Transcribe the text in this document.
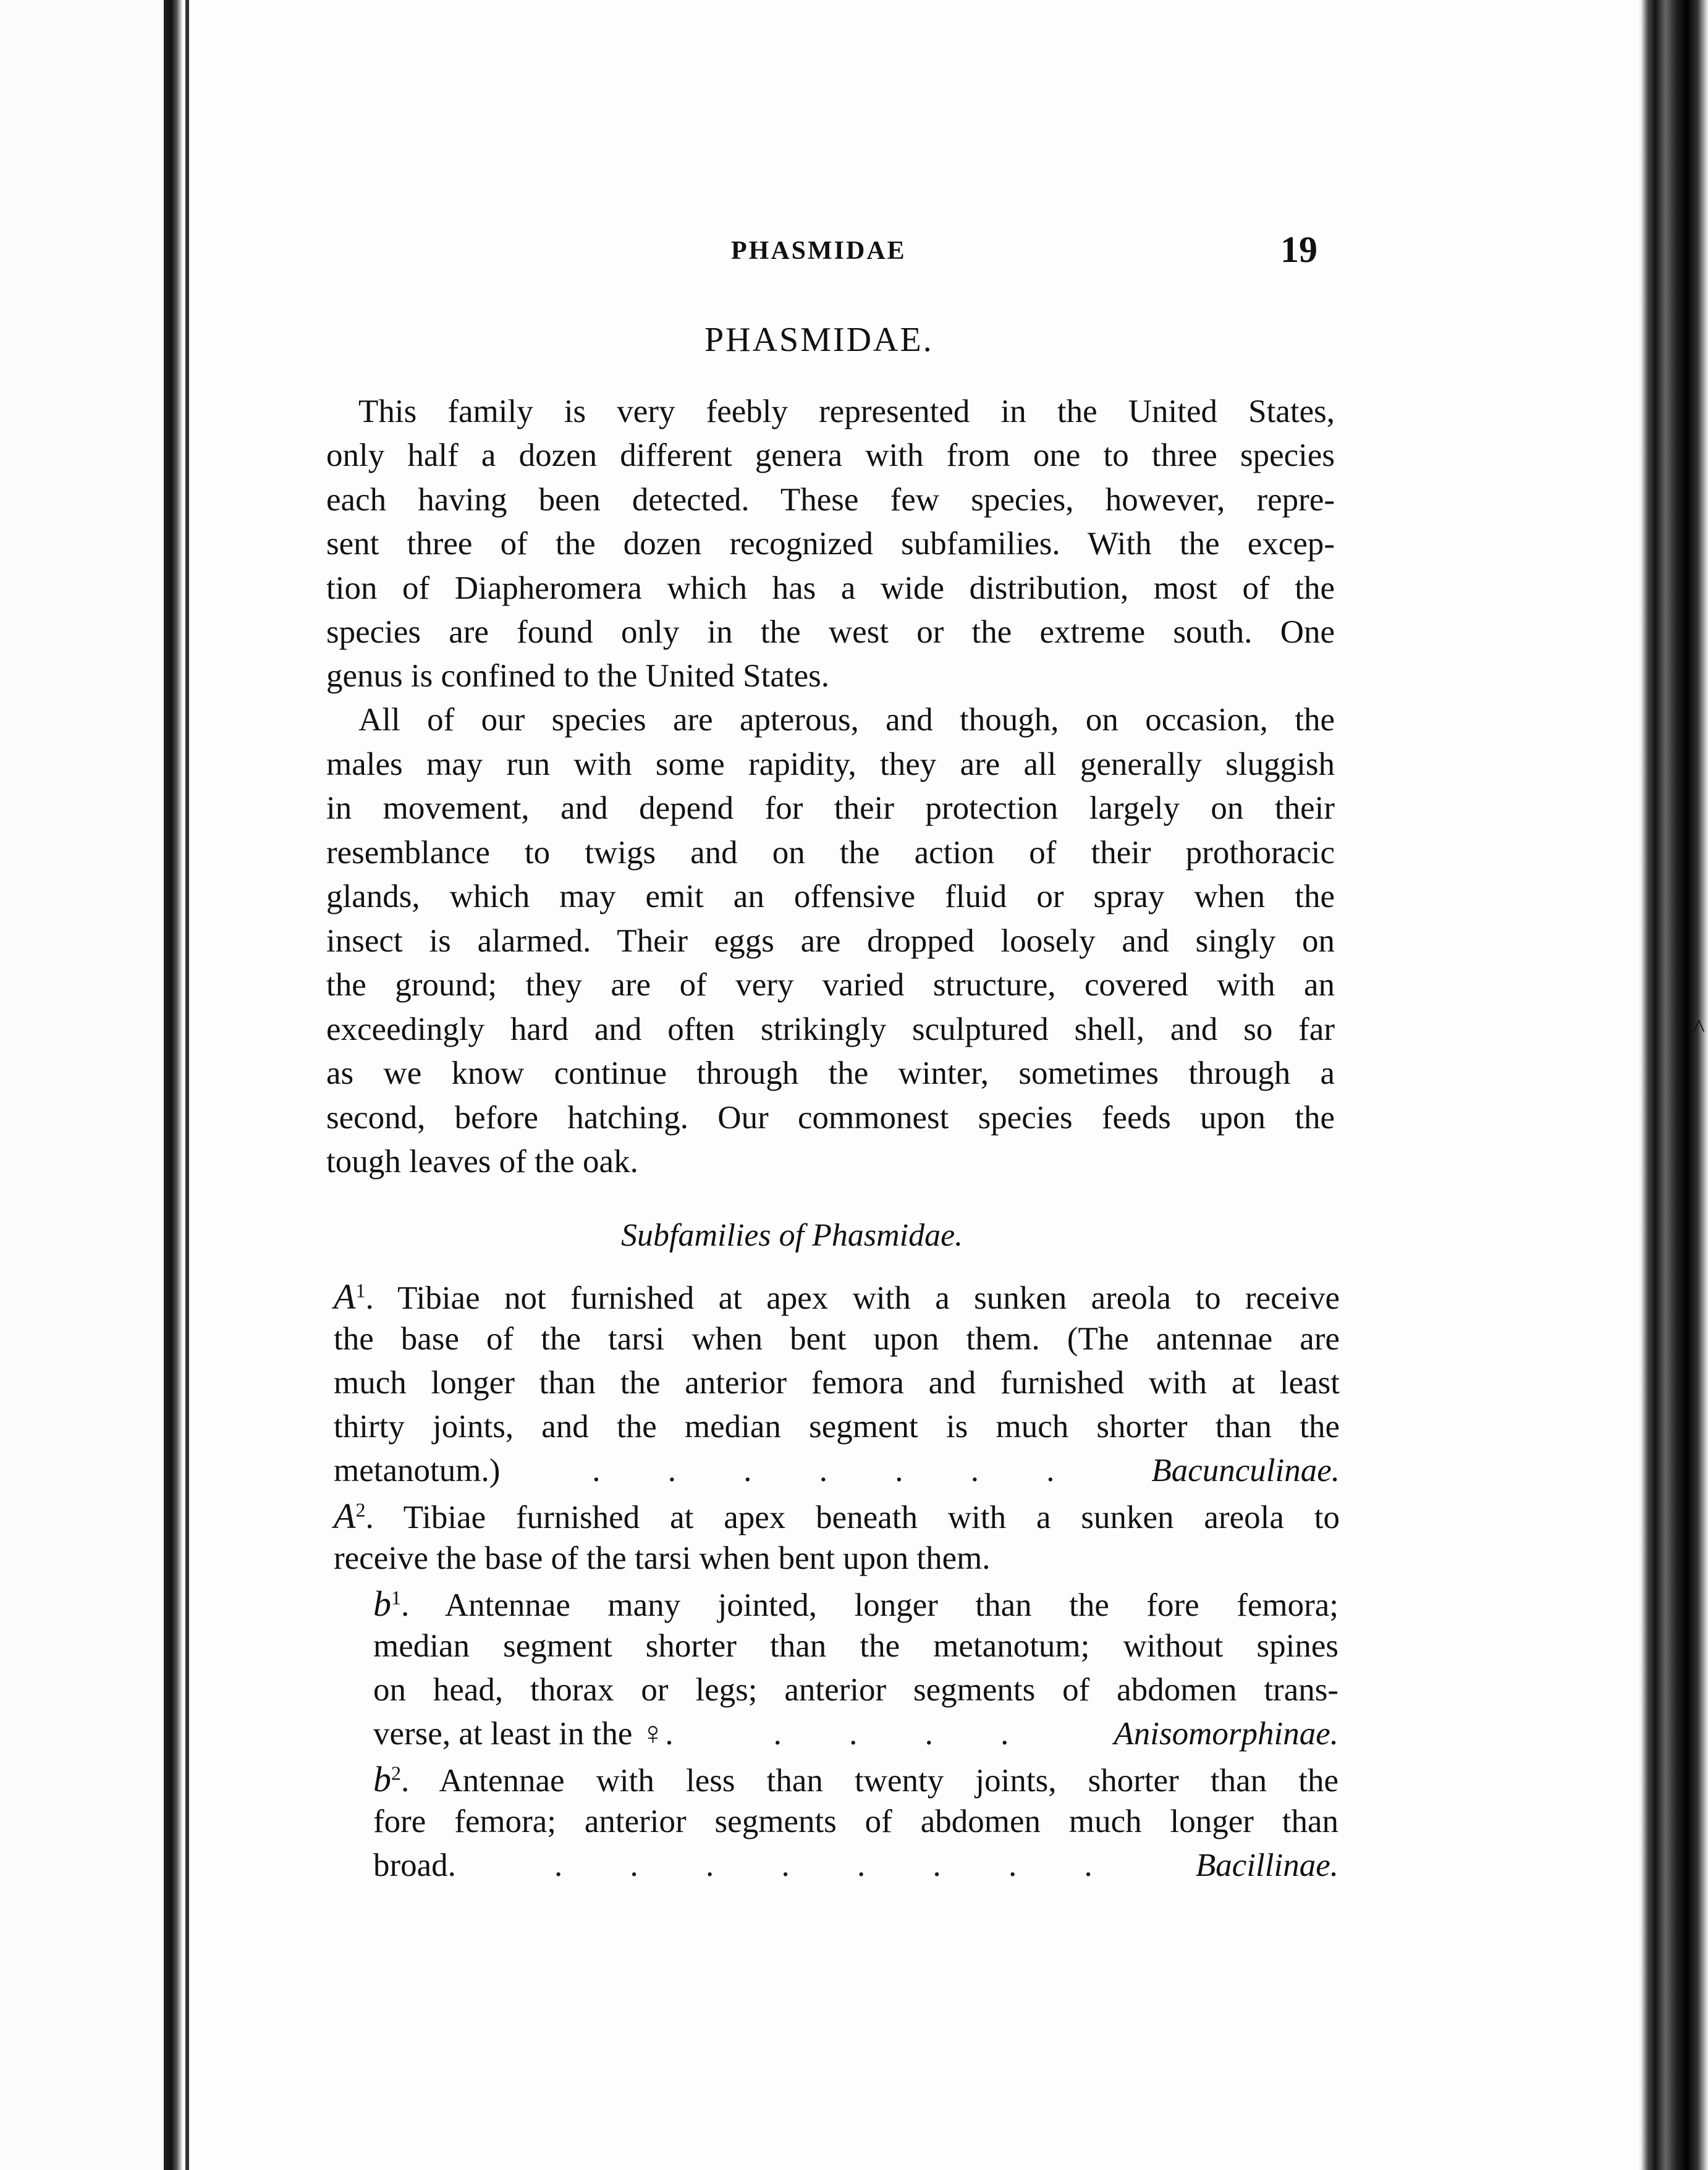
^
PHASMIDAE	19
PHASMIDAE.
This family is very feebly represented in the United States,
only half a dozen different genera with from one to three species
each having been detected. These few species, however, repre-
sent three of the dozen recognized subfamilies. With the excep-
tion of Diapheromera which has a wide distribution, most of the
species are found only in the west or the extreme south. One
genus is confined to the United States.
All of our species are apterous, and though, on occasion, the
males may run with some rapidity, they are all generally sluggish
in movement, and depend for their protection largely on their
resemblance to twigs and on the action of their prothoracic
glands, which may emit an offensive fluid or spray when the
insect is alarmed. Their eggs are dropped loosely and singly on
the ground; they are of very varied structure, covered with an
exceedingly hard and often strikingly sculptured shell, and so far
as we know continue through the winter, sometimes through a
second, before hatching. Our commonest species feeds upon the
tough leaves of the oak.
Subfamilies of Phasmidae.
$A^1$. Tibiae not furnished at apex with a sunken areola to receive
the base of the tarsi when bent upon them. (The antennae are
much longer than the anterior femora and furnished with at least
thirty joints, and the median segment is much shorter than the
metanotum.)	. . . . . . .	Bacunculinae.
$A^2$. Tibiae furnished at apex beneath with a sunken areola to
receive the base of the tarsi when bent upon them.
$b^1$. Antennae many jointed, longer than the fore femora;
median segment shorter than the metanotum; without spines
on head, thorax or legs; anterior segments of abdomen trans-
verse, at least in the ♀.	. . . .	Anisomorphinae.
$b^2$. Antennae with less than twenty joints, shorter than the
fore femora; anterior segments of abdomen much longer than
broad.	. . . . . . . .	Bacillinae.
